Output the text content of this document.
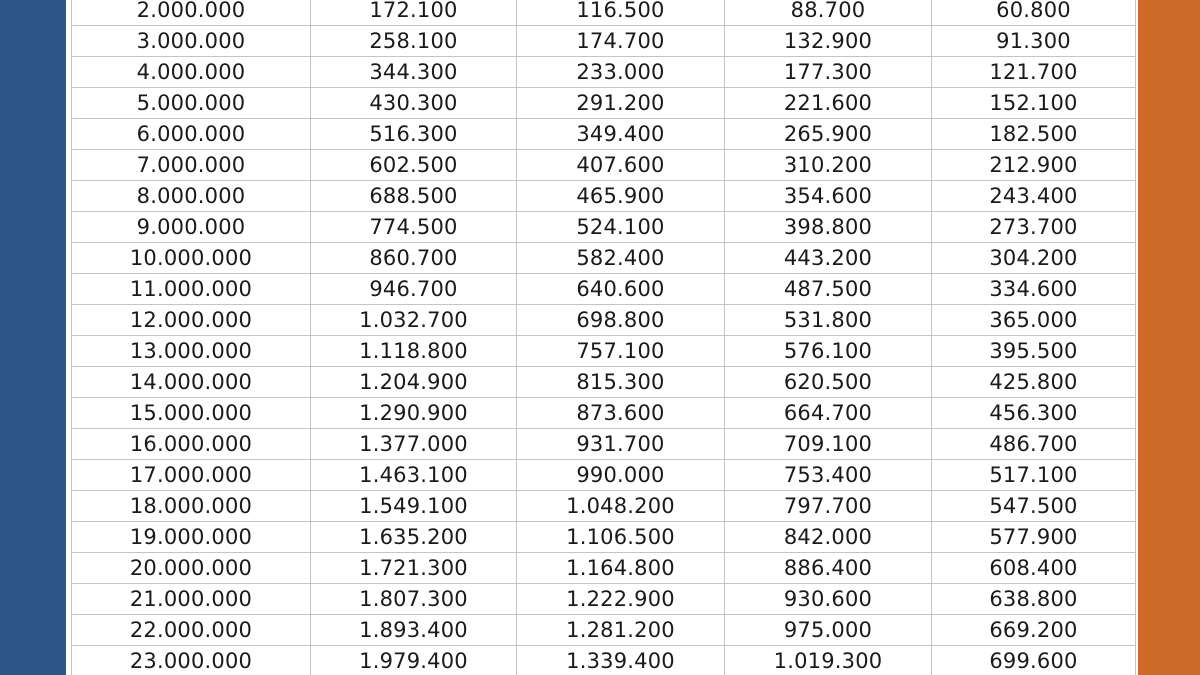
2.000.000	172.100	116.500	88.700	60.800
3.000.000	258.100	174.700	132.900	91.300
4.000.000	344.300	233.000	177.300	121.700
5.000.000	430.300	291.200	221.600	152.100
6.000.000	516.300	349.400	265.900	182.500
7.000.000	602.500	407.600	310.200	212.900
8.000.000	688.500	465.900	354.600	243.400
9.000.000	774.500	524.100	398.800	273.700
10.000.000	860.700	582.400	443.200	304.200
11.000.000	946.700	640.600	487.500	334.600
12.000.000	1.032.700	698.800	531.800	365.000
13.000.000	1.118.800	757.100	576.100	395.500
14.000.000	1.204.900	815.300	620.500	425.800
15.000.000	1.290.900	873.600	664.700	456.300
16.000.000	1.377.000	931.700	709.100	486.700
17.000.000	1.463.100	990.000	753.400	517.100
18.000.000	1.549.100	1.048.200	797.700	547.500
19.000.000	1.635.200	1.106.500	842.000	577.900
20.000.000	1.721.300	1.164.800	886.400	608.400
21.000.000	1.807.300	1.222.900	930.600	638.800
22.000.000	1.893.400	1.281.200	975.000	669.200
23.000.000	1.979.400	1.339.400	1.019.300	699.600
